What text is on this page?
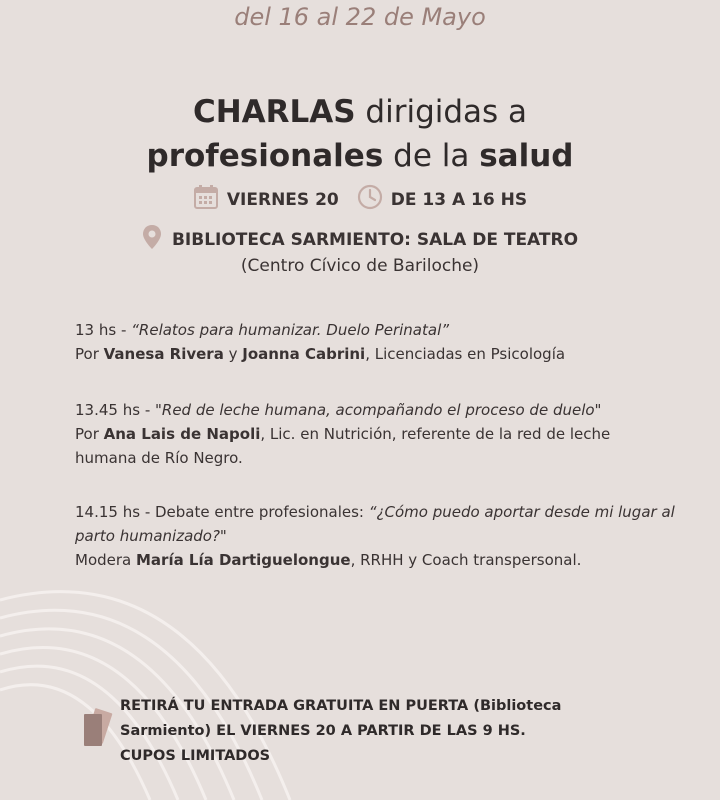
del 16 al 22 de Mayo
CHARLAS dirigidas a
profesionales de la salud
VIERNES 20	DE 13 A 16 HS
BIBLIOTECA SARMIENTO: SALA DE TEATRO
(Centro Cívico de Bariloche)
13 hs - “Relatos para humanizar. Duelo Perinatal”
Por Vanesa Rivera y Joanna Cabrini, Licenciadas en Psicología
13.45 hs - "Red de leche humana, acompañando el proceso de duelo"
Por Ana Lais de Napoli, Lic. en Nutrición, referente de la red de leche humana de Río Negro.
14.15 hs - Debate entre profesionales: “¿Cómo puedo aportar desde mi lugar al parto humanizado?"
Modera María Lía Dartiguelongue, RRHH y Coach transpersonal.
RETIRÁ TU ENTRADA GRATUITA EN PUERTA (Biblioteca
Sarmiento) EL VIERNES 20 A PARTIR DE LAS 9 HS.
CUPOS LIMITADOS
